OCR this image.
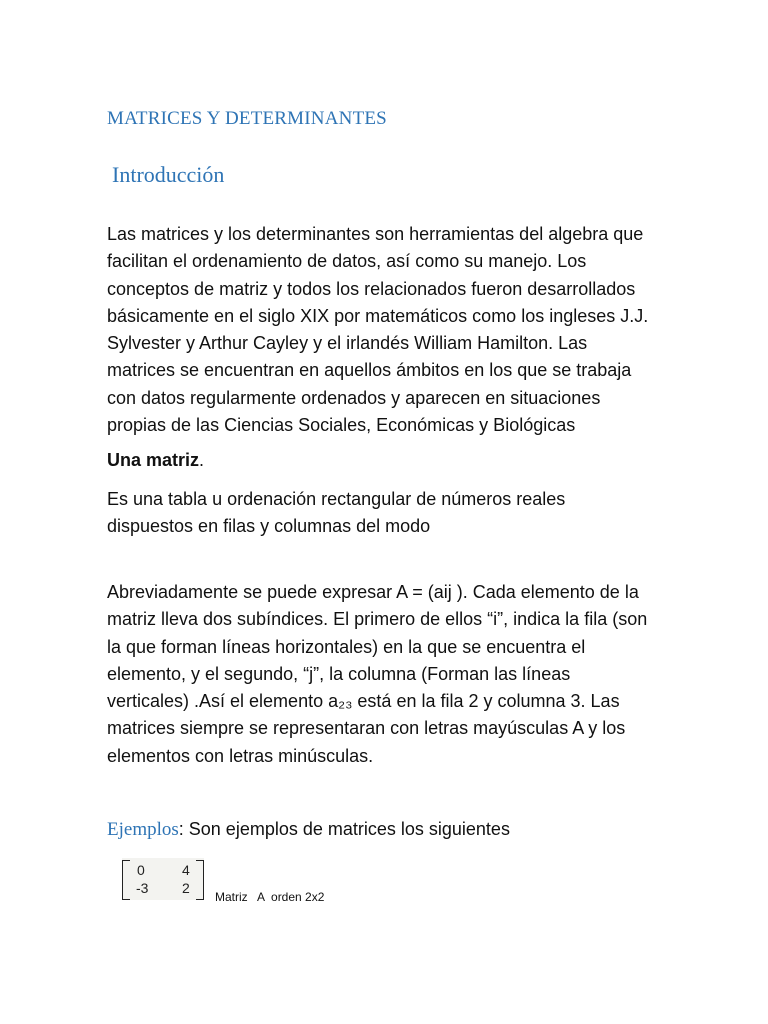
MATRICES Y DETERMINANTES
Introducción

Las matrices y los determinantes son herramientas del algebra que
facilitan el ordenamiento de datos, así como su manejo. Los
conceptos de matriz y todos los relacionados fueron desarrollados
básicamente en el siglo XIX por matemáticos como los ingleses J.J.
Sylvester y Arthur Cayley y el irlandés William Hamilton. Las
matrices se encuentran en aquellos ámbitos en los que se trabaja
con datos regularmente ordenados y aparecen en situaciones
propias de las Ciencias Sociales, Económicas y Biológicas

Una matriz.

Es una tabla u ordenación rectangular de números reales
dispuestos en filas y columnas del modo

Abreviadamente se puede expresar A = (aij ). Cada elemento de la
matriz lleva dos subíndices. El primero de ellos “i”, indica la fila (son
la que forman líneas horizontales) en la que se encuentra el
elemento, y el segundo, “j”, la columna (Forman las líneas
verticales) .Así el elemento a₂₃ está en la fila 2 y columna 3. Las
matrices siempre se representaran con letras mayúsculas A y los
elementos con letras minúsculas.

Ejemplos: Son ejemplos de matrices los siguientes

0	4
-3 2
Matriz   A  orden 2x2
